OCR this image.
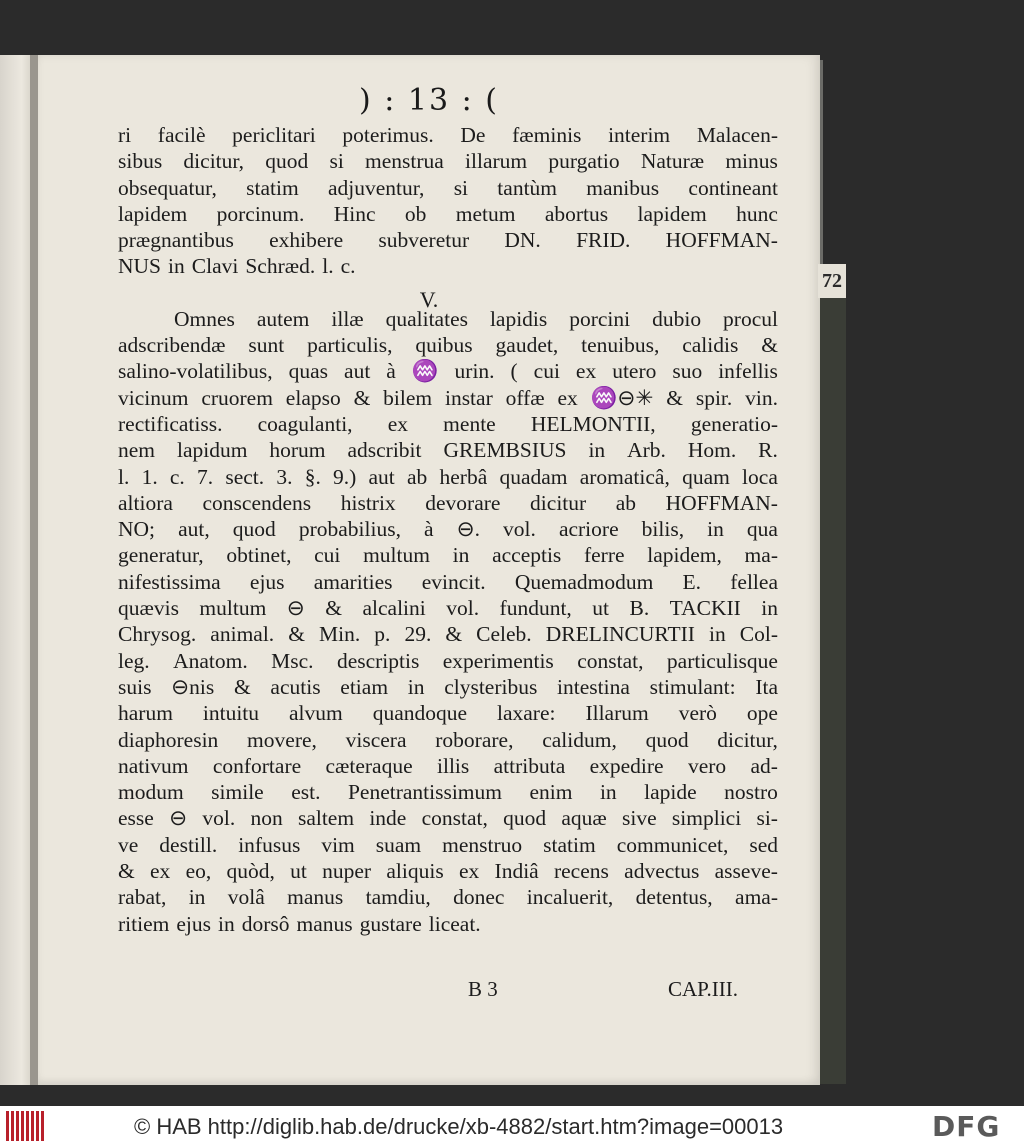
) : 13 : (
ri facilè periclitari poterimus. De fæminis interim Malacen-
sibus dicitur, quod si menstrua illarum purgatio Naturæ minus
obsequatur, statim adjuventur, si tantùm manibus contineant
lapidem porcinum. Hinc ob metum abortus lapidem hunc
prægnantibus exhibere subveretur DN. FRID. HOFFMAN-
NUS in Clavi Schræd. l. c.
Omnes autem illæ qualitates lapidis porcini dubio procul
adscribendæ sunt particulis, quibus gaudet, tenuibus, calidis &
salino-volatilibus, quas aut à ♒ urin. ( cui ex utero suo infellis
vicinum cruorem elapso & bilem instar offæ ex ♒⊖✳ & spir. vin.
rectificatiss. coagulanti, ex mente HELMONTII, generatio-
nem lapidum horum adscribit GREMBSIUS in Arb. Hom. R.
l. 1. c. 7. sect. 3. §. 9.) aut ab herbâ quadam aromaticâ, quam loca
altiora conscendens histrix devorare dicitur ab HOFFMAN-
NO; aut, quod probabilius, à ⊖. vol. acriore bilis, in qua
generatur, obtinet, cui multum in acceptis ferre lapidem, ma-
nifestissima ejus amarities evincit. Quemadmodum E. fellea
quævis multum ⊖ & alcalini vol. fundunt, ut B. TACKII in
Chrysog. animal. & Min. p. 29. & Celeb. DRELINCURTII in Col-
leg. Anatom. Msc. descriptis experimentis constat, particulisque
suis ⊖nis & acutis etiam in clysteribus intestina stimulant: Ita
harum intuitu alvum quandoque laxare: Illarum verò ope
diaphoresin movere, viscera roborare, calidum, quod dicitur,
nativum confortare cæteraque illis attributa expedire vero ad-
modum simile est. Penetrantissimum enim in lapide nostro
esse ⊖ vol. non saltem inde constat, quod aquæ sive simplici si-
ve destill. infusus vim suam menstruo statim communicet, sed
& ex eo, quòd, ut nuper aliquis ex Indiâ recens advectus asseve-
rabat, in volâ manus tamdiu, donec incaluerit, detentus, ama-
ritiem ejus in dorsô manus gustare liceat.
V.
B 3	CAP.III.
72
© HAB http://diglib.hab.de/drucke/xb-4882/start.htm?image=00013	DFG
